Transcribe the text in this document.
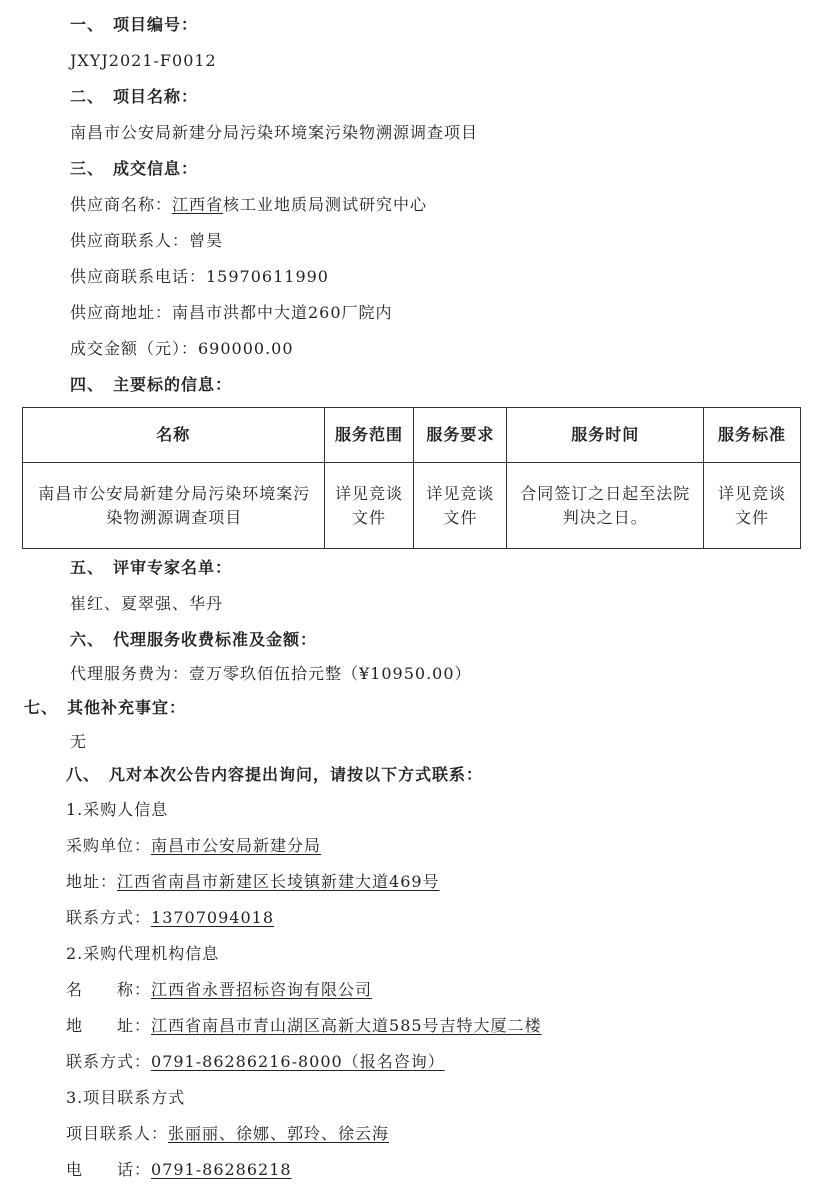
一、　项目编号：
JXYJ2021-F0012
二、　项目名称：
南昌市公安局新建分局污染环境案污染物溯源调查项目
三、　成交信息：
供应商名称：江西省核工业地质局测试研究中心
供应商联系人：曾昊
供应商联系电话：15970611990
供应商地址：南昌市洪都中大道260厂院内
成交金额（元）：690000.00
四、　主要标的信息：
名称	服务范围	服务要求	服务时间	服务标准
南昌市公安局新建分局污染环境案污染物溯源调查项目	详见竞谈文件	详见竞谈文件	合同签订之日起至法院判决之日。	详见竞谈文件
五、　评审专家名单：
崔红、夏翠强、华丹
六、　代理服务收费标准及金额：
代理服务费为：壹万零玖佰伍拾元整（¥10950.00）
七、　其他补充事宜：
无
八、　凡对本次公告内容提出询问，请按以下方式联系：
1.采购人信息
采购单位：南昌市公安局新建分局
地址：江西省南昌市新建区长堎镇新建大道469号
联系方式：13707094018
2.采购代理机构信息
名　　称：江西省永晋招标咨询有限公司
地　　址：江西省南昌市青山湖区高新大道585号吉特大厦二楼
联系方式：0791-86286216-8000（报名咨询）
3.项目联系方式
项目联系人：张丽丽、徐娜、郭玲、徐云海
电　　话：0791-86286218
